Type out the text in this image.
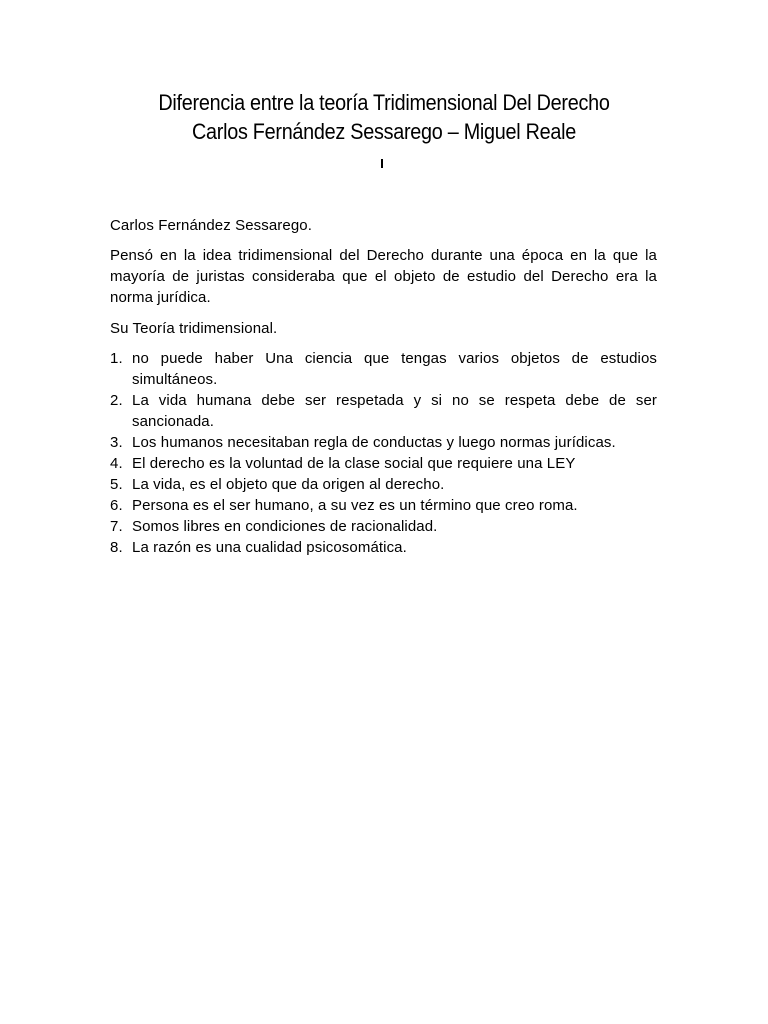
Diferencia entre la teoría Tridimensional Del Derecho
Carlos Fernández Sessarego – Miguel Reale
Carlos Fernández Sessarego.
Pensó en la idea tridimensional del Derecho durante una época en la que la mayoría de juristas consideraba que el objeto de estudio del Derecho era la norma jurídica.
Su Teoría tridimensional.
1. no puede haber Una ciencia que tengas varios objetos de estudios simultáneos.
2. La vida humana debe ser respetada y si no se respeta debe de ser sancionada.
3. Los humanos necesitaban regla de conductas y luego normas jurídicas.
4. El derecho es la voluntad de la clase social que requiere una LEY
5. La vida, es el objeto que da origen al derecho.
6. Persona es el ser humano, a su vez es un término que creo roma.
7. Somos libres en condiciones de racionalidad.
8. La razón es una cualidad psicosomática.
